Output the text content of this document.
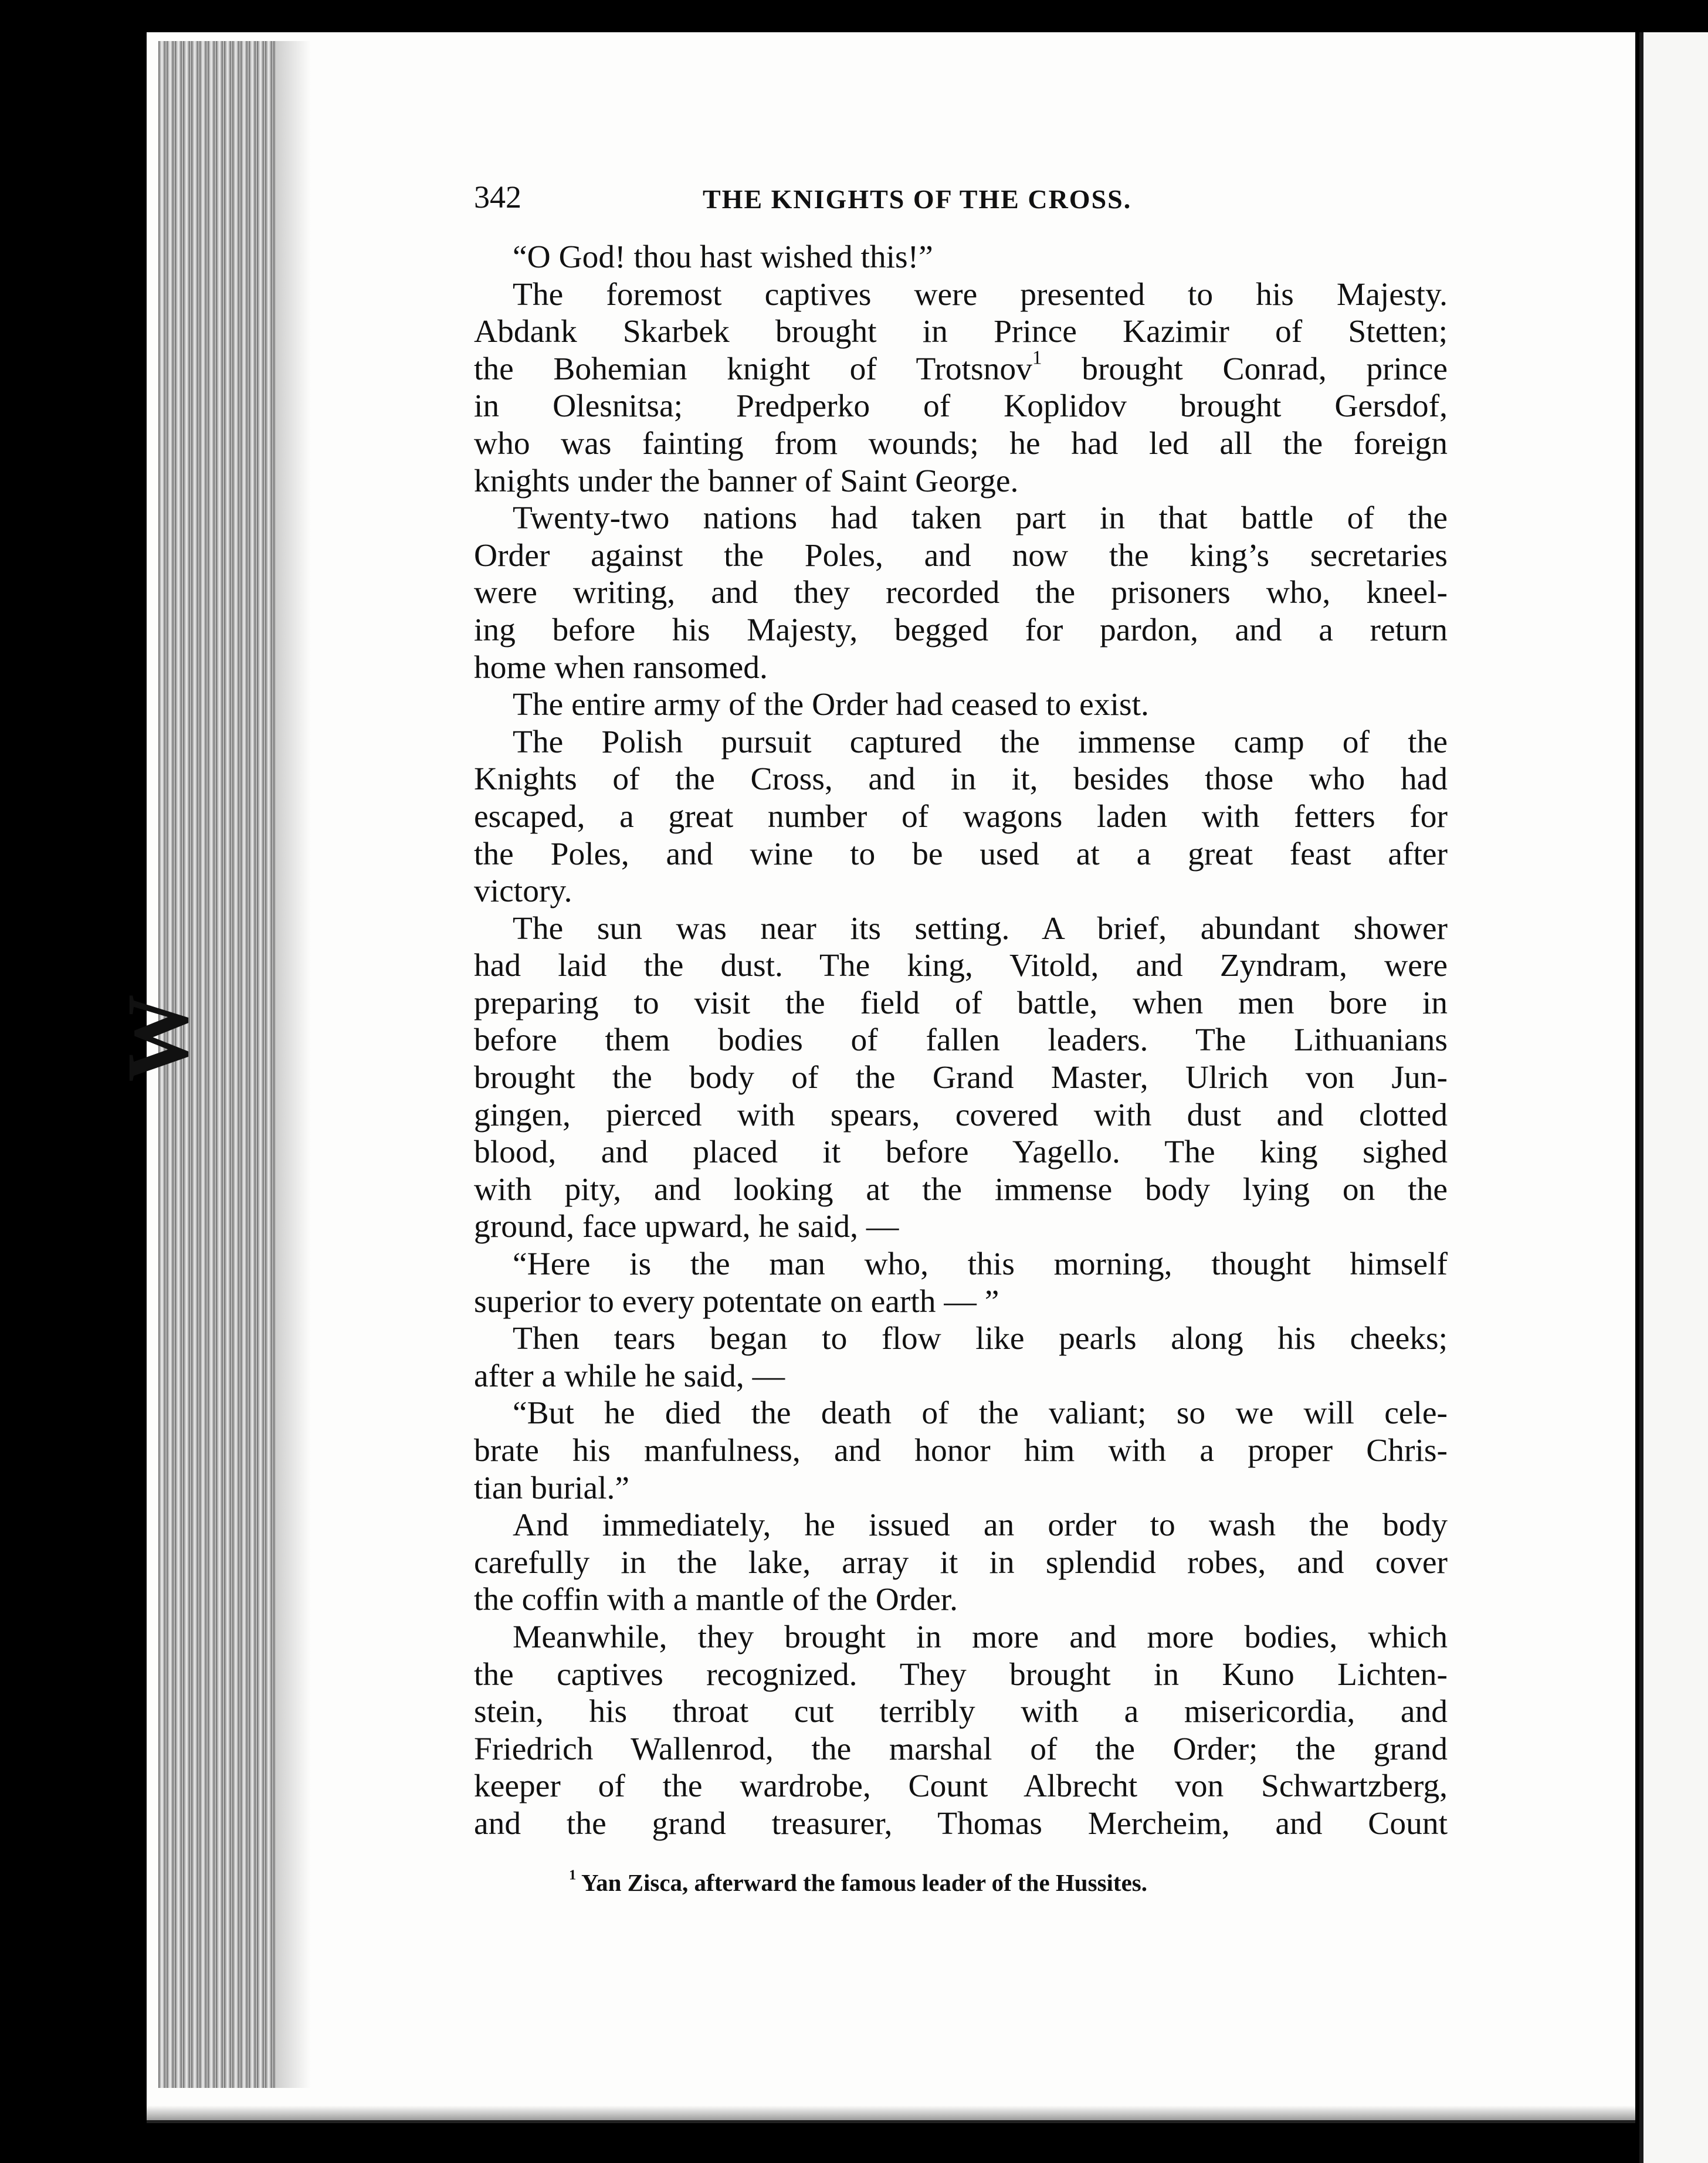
W
342	THE KNIGHTS OF THE CROSS.
“O God! thou hast wished this!”
The foremost captives were presented to his Majesty.
Abdank Skarbek brought in Prince Kazimir of Stetten;
the Bohemian knight of Trotsnov$^1$ brought Conrad, prince
in Olesnitsa; Predperko of Koplidov brought Gersdof,
who was fainting from wounds; he had led all the foreign
knights under the banner of Saint George.
Twenty-two nations had taken part in that battle of the
Order against the Poles, and now the king’s secretaries
were writing, and they recorded the prisoners who, kneel-
ing before his Majesty, begged for pardon, and a return
home when ransomed.
The entire army of the Order had ceased to exist.
The Polish pursuit captured the immense camp of the
Knights of the Cross, and in it, besides those who had
escaped, a great number of wagons laden with fetters for
the Poles, and wine to be used at a great feast after
victory.
The sun was near its setting. A brief, abundant shower
had laid the dust. The king, Vitold, and Zyndram, were
preparing to visit the field of battle, when men bore in
before them bodies of fallen leaders. The Lithuanians
brought the body of the Grand Master, Ulrich von Jun-
gingen, pierced with spears, covered with dust and clotted
blood, and placed it before Yagello. The king sighed
with pity, and looking at the immense body lying on the
ground, face upward, he said, —
“Here is the man who, this morning, thought himself
superior to every potentate on earth — ”
Then tears began to flow like pearls along his cheeks;
after a while he said, —
“But he died the death of the valiant; so we will cele-
brate his manfulness, and honor him with a proper Chris-
tian burial.”
And immediately, he issued an order to wash the body
carefully in the lake, array it in splendid robes, and cover
the coffin with a mantle of the Order.
Meanwhile, they brought in more and more bodies, which
the captives recognized. They brought in Kuno Lichten-
stein, his throat cut terribly with a misericordia, and
Friedrich Wallenrod, the marshal of the Order; the grand
keeper of the wardrobe, Count Albrecht von Schwartzberg,
and the grand treasurer, Thomas Mercheim, and Count
$^1$ Yan Zisca, afterward the famous leader of the Hussites.
